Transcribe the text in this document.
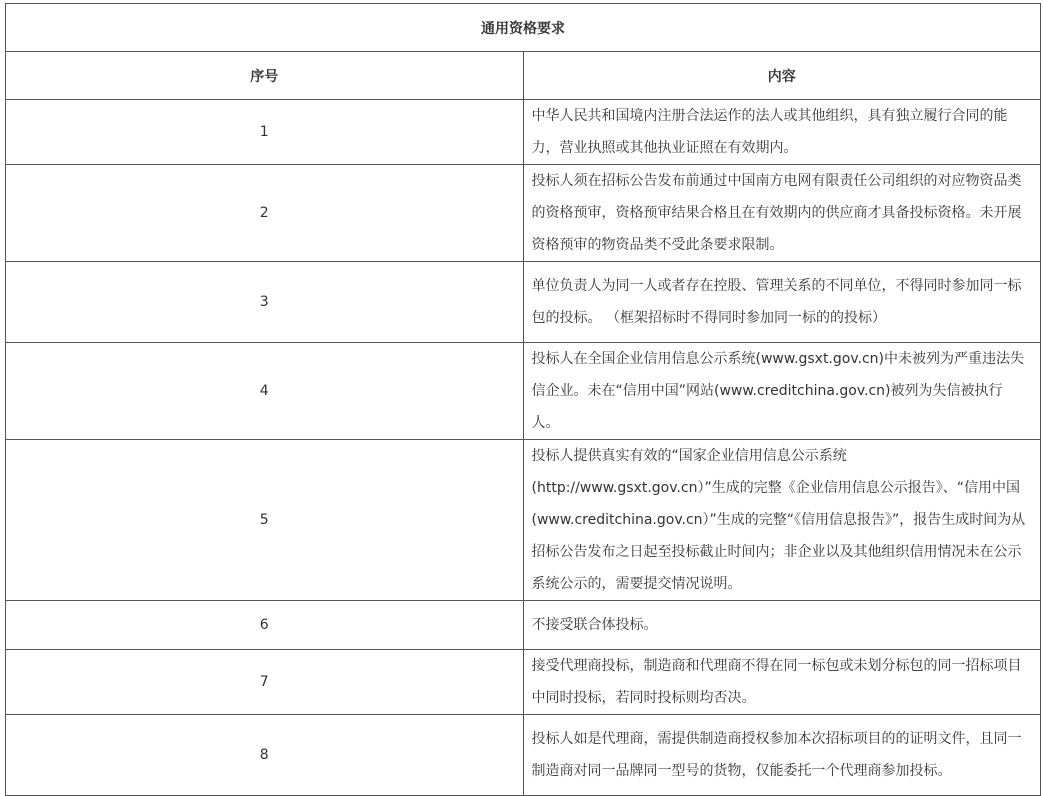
通用资格要求	
序号	内容
1	中华人民共和国境内注册合法运作的法人或其他组织，具有独立履行合同的能力，营业执照或其他执业证照在有效期内。
2	投标人须在招标公告发布前通过中国南方电网有限责任公司组织的对应物资品类的资格预审，资格预审结果合格且在有效期内的供应商才具备投标资格。未开展资格预审的物资品类不受此条要求限制。
3	单位负责人为同一人或者存在控股、管理关系的不同单位，不得同时参加同一标包的投标。 （框架招标时不得同时参加同一标的的投标）
4	投标人在全国企业信用信息公示系统(www.gsxt.gov.cn)中未被列为严重违法失信企业。未在“信用中国”网站(www.creditchina.gov.cn)被列为失信被执行人。
5	投标人提供真实有效的“国家企业信用信息公示系统(http://www.gsxt.gov.cn）”生成的完整《企业信用信息公示报告》、“信用中国(www.creditchina.gov.cn）”生成的完整“《信用信息报告》”，报告生成时间为从招标公告发布之日起至投标截止时间内；非企业以及其他组织信用情况未在公示系统公示的，需要提交情况说明。
6	不接受联合体投标。
7	接受代理商投标，制造商和代理商不得在同一标包或未划分标包的同一招标项目中同时投标，若同时投标则均否决。
8	投标人如是代理商，需提供制造商授权参加本次招标项目的的证明文件，且同一制造商对同一品牌同一型号的货物，仅能委托一个代理商参加投标。
